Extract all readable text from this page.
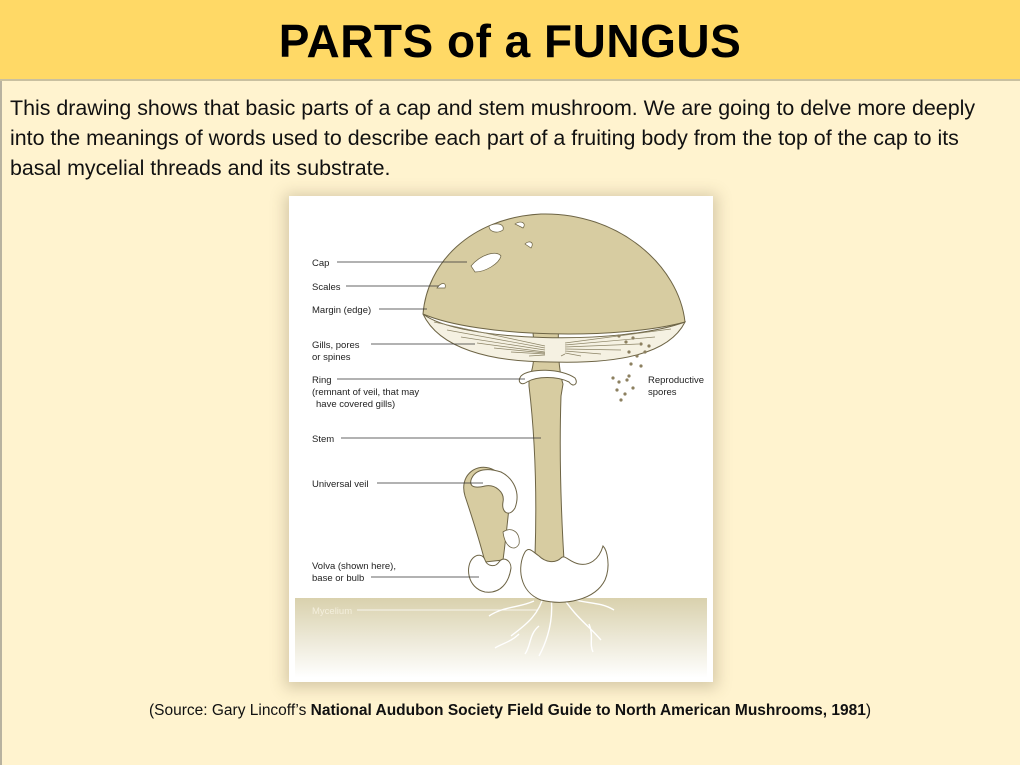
PARTS of a FUNGUS
This drawing shows that basic parts of a cap and stem mushroom. We are going to delve more deeply into the meanings of words used to describe each part of a fruiting body from the top of the cap to its basal mycelial threads and its substrate.
Cap
Scales
Margin (edge)
Gills, pores
or spines
Ring
(remnant of veil, that may
have covered gills)
Stem
Universal veil
Volva (shown here),
base or bulb
Mycelium
Reproductive
spores
(Source: Gary Lincoff’s National Audubon Society Field Guide to North American Mushrooms, 1981)
